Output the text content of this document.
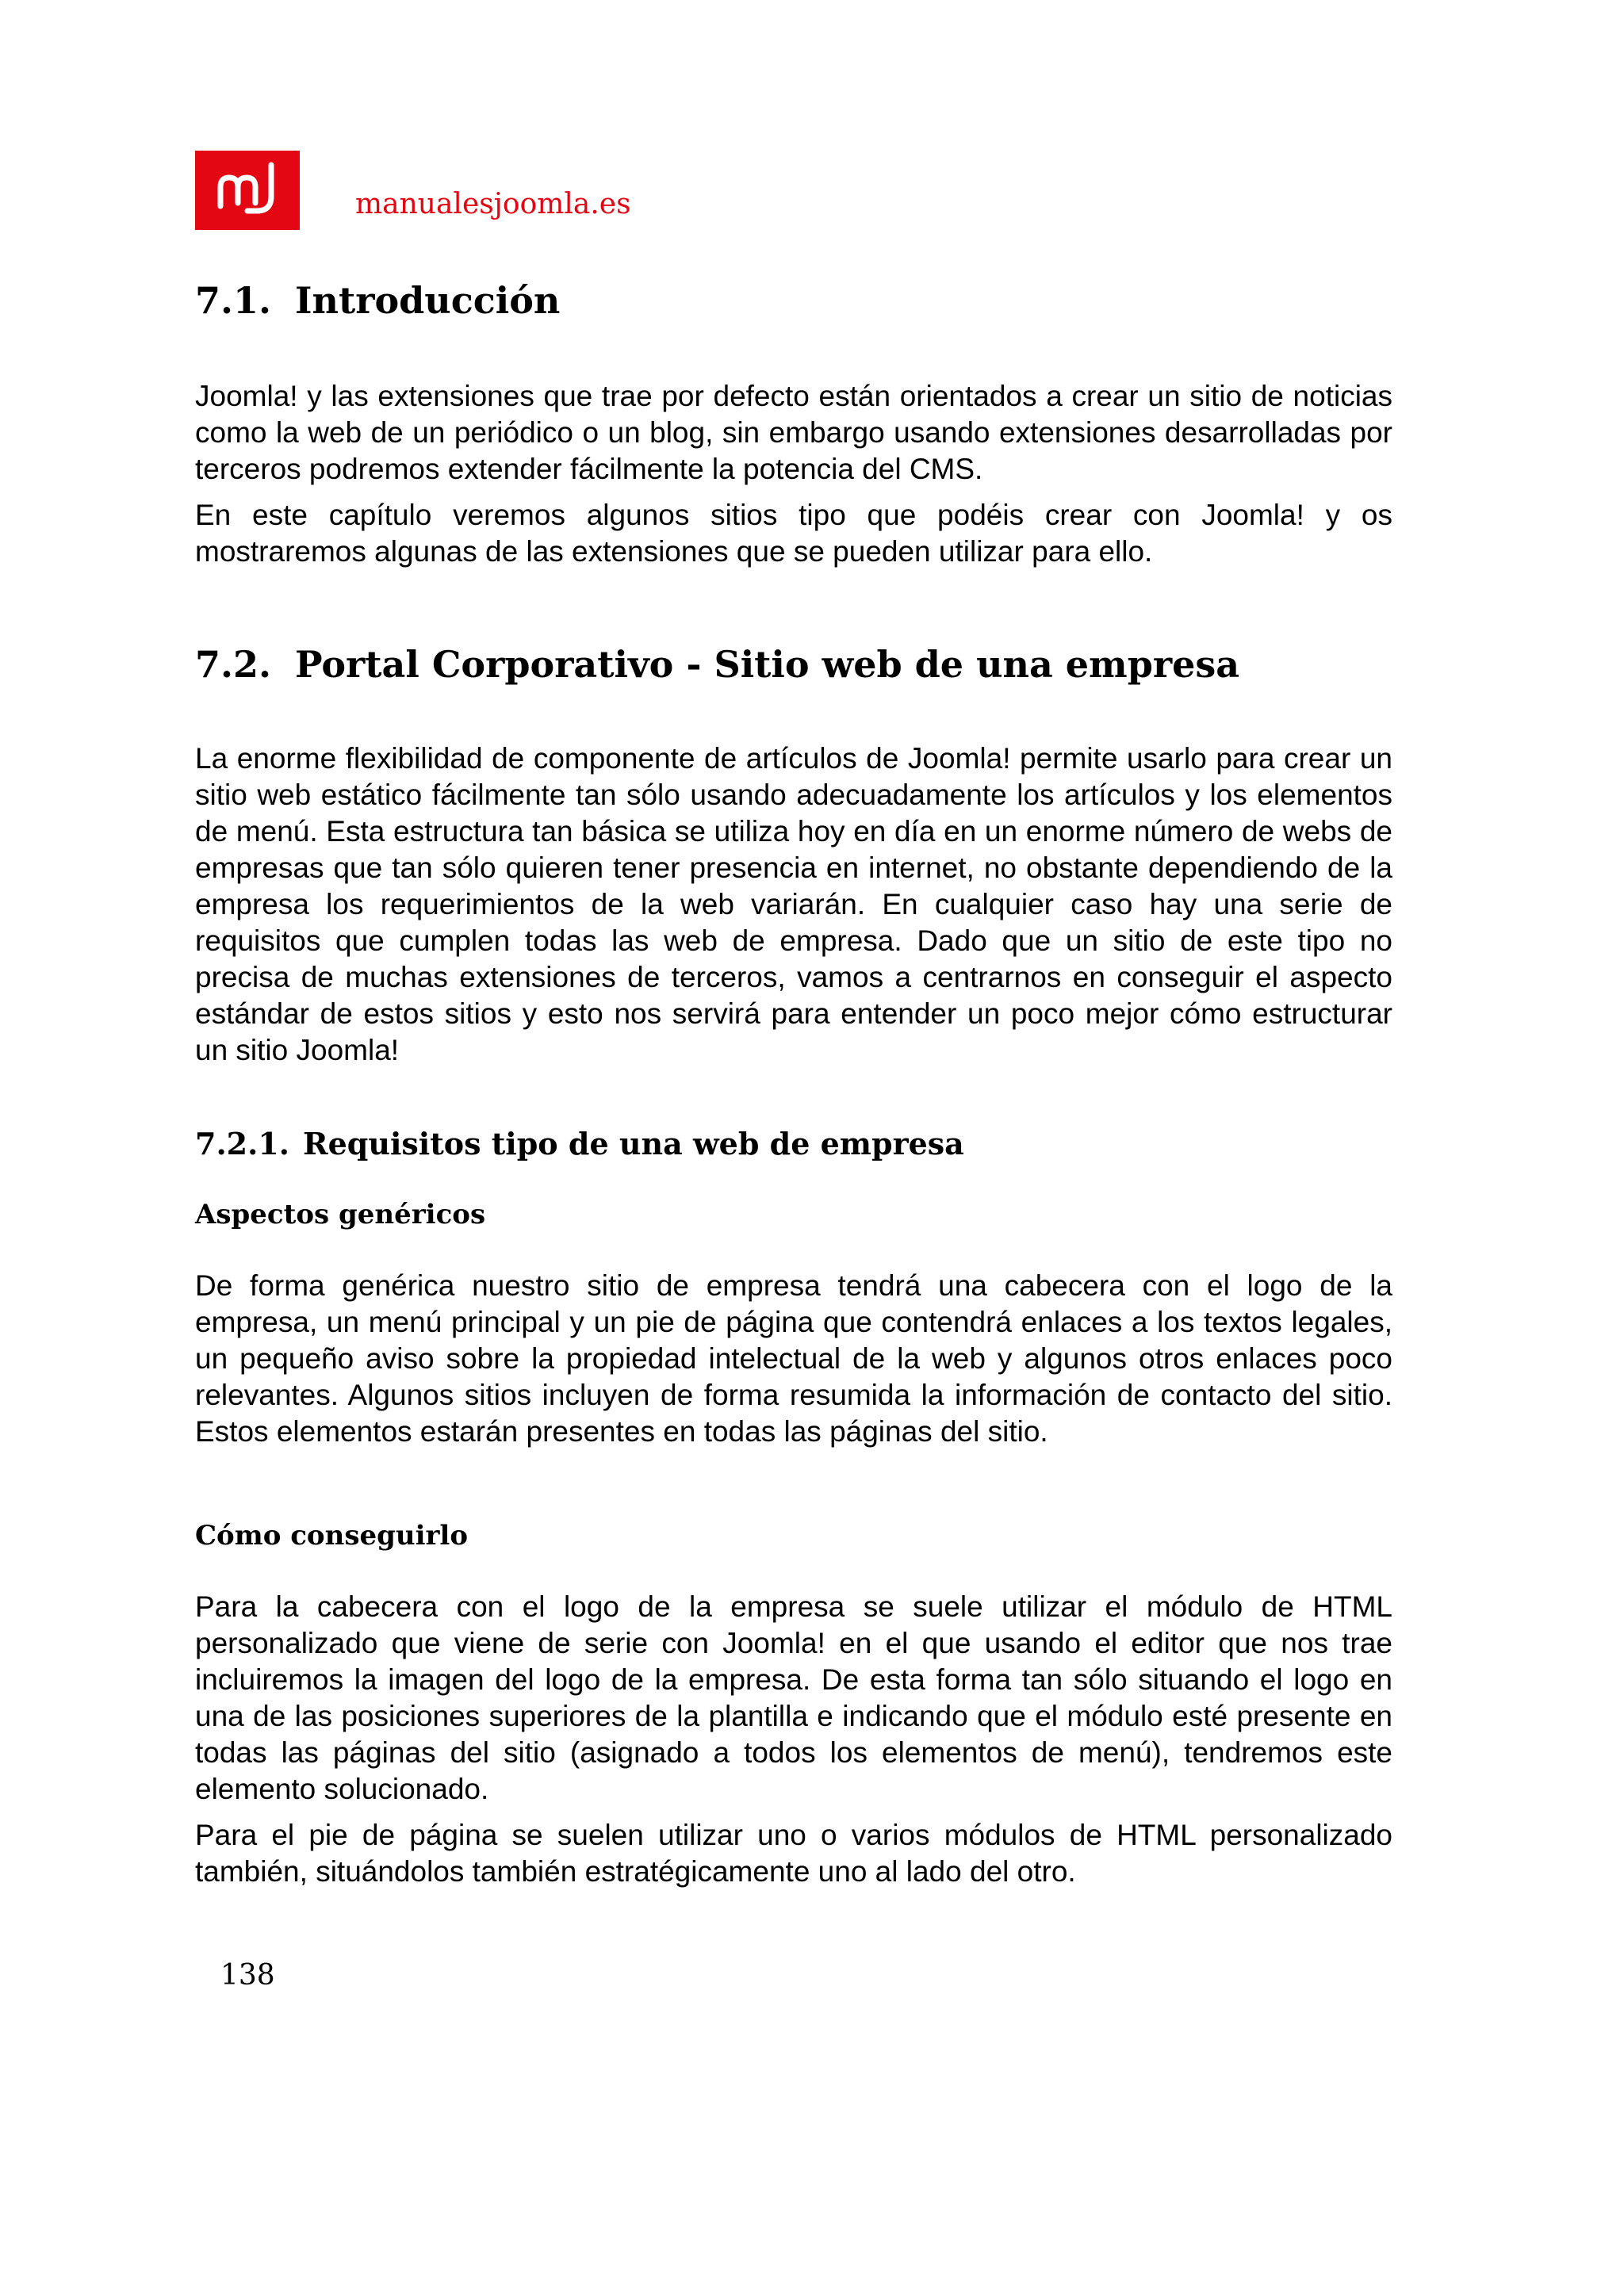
manualesjoomla.es
7.1. Introducción

Joomla! y las extensiones que trae por defecto están orientados a crear un sitio de noticias como la web de un periódico o un blog, sin embargo usando extensiones desarrolladas por terceros podremos extender fácilmente la potencia del CMS.

En este capítulo veremos algunos sitios tipo que podéis crear con Joomla! y os mostraremos algunas de las extensiones que se pueden utilizar para ello.

7.2. Portal Corporativo - Sitio web de una empresa

La enorme flexibilidad de componente de artículos de Joomla! permite usarlo para crear un sitio web estático fácilmente tan sólo usando adecuadamente los artículos y los elementos de menú. Esta estructura tan básica se utiliza hoy en día en un enorme número de webs de empresas que tan sólo quieren tener presencia en internet, no obstante dependiendo de la empresa los requerimientos de la web variarán. En cualquier caso hay una serie de requisitos que cumplen todas las web de empresa. Dado que un sitio de este tipo no precisa de muchas extensiones de terceros, vamos a centrarnos en conseguir el aspecto estándar de estos sitios y esto nos servirá para entender un poco mejor cómo estructurar un sitio Joomla!

7.2.1. Requisitos tipo de una web de empresa
Aspectos genéricos

De forma genérica nuestro sitio de empresa tendrá una cabecera con el logo de la empresa, un menú principal y un pie de página que contendrá enlaces a los textos legales, un pequeño aviso sobre la propiedad intelectual de la web y algunos otros enlaces poco relevantes. Algunos sitios incluyen de forma resumida la información de contacto del sitio. Estos elementos estarán presentes en todas las páginas del sitio.

Cómo conseguirlo

Para la cabecera con el logo de la empresa se suele utilizar el módulo de HTML personalizado que viene de serie con Joomla! en el que usando el editor que nos trae incluiremos la imagen del logo de la empresa. De esta forma tan sólo situando el logo en una de las posiciones superiores de la plantilla e indicando que el módulo esté presente en todas las páginas del sitio (asignado a todos los elementos de menú), tendremos este elemento solucionado.

Para el pie de página se suelen utilizar uno o varios módulos de HTML personalizado también, situándolos también estratégicamente uno al lado del otro.

138
